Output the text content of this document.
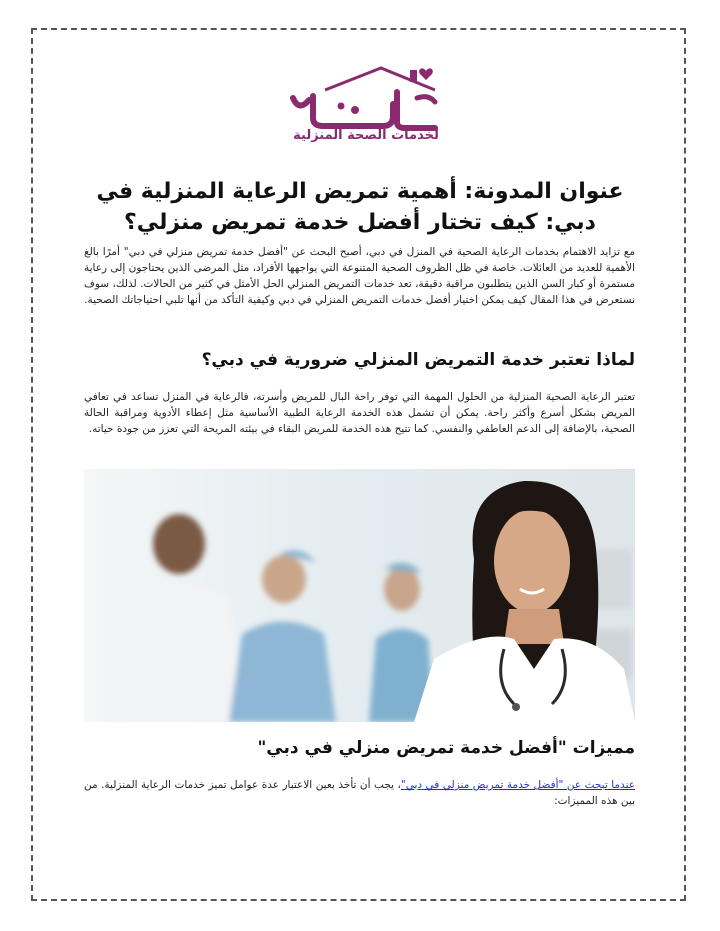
لخدمات الصحة المنزلية
عنوان المدونة: أهمية تمريض الرعاية المنزلية في دبي: كيف تختار أفضل خدمة تمريض منزلي؟

مع تزايد الاهتمام بخدمات الرعاية الصحية في المنزل في دبي، أصبح البحث عن "أفضل خدمة تمريض منزلي في دبي" أمرًا بالغ الأهمية للعديد من العائلات. خاصة في ظل الظروف الصحية المتنوعة التي يواجهها الأفراد، مثل المرضى الذين يحتاجون إلى رعاية مستمرة أو كبار السن الذين يتطلبون مراقبة دقيقة، تعد خدمات التمريض المنزلي الحل الأمثل في كثير من الحالات. لذلك، سوف نستعرض في هذا المقال كيف يمكن اختيار أفضل خدمات التمريض المنزلي في دبي وكيفية التأكد من أنها تلبي احتياجاتك الصحية.

لماذا تعتبر خدمة التمريض المنزلي ضرورية في دبي؟

تعتبر الرعاية الصحية المنزلية من الحلول المهمة التي توفر راحة البال للمريض وأسرته، فالرعاية في المنزل تساعد في تعافي المريض بشكل أسرع وأكثر راحة. يمكن أن تشمل هذه الخدمة الرعاية الطبية الأساسية مثل إعطاء الأدوية ومراقبة الحالة الصحية، بالإضافة إلى الدعم العاطفي والنفسي. كما تتيح هذه الخدمة للمريض البقاء في بيئته المريحة التي تعزز من جودة حياته.

مميزات "أفضل خدمة تمريض منزلي في دبي"

عندما تبحث عن "أفضل خدمة تمريض منزلي في دبي"، يجب أن تأخذ بعين الاعتبار عدة عوامل تميز خدمات الرعاية المنزلية. من بين هذه المميزات:
